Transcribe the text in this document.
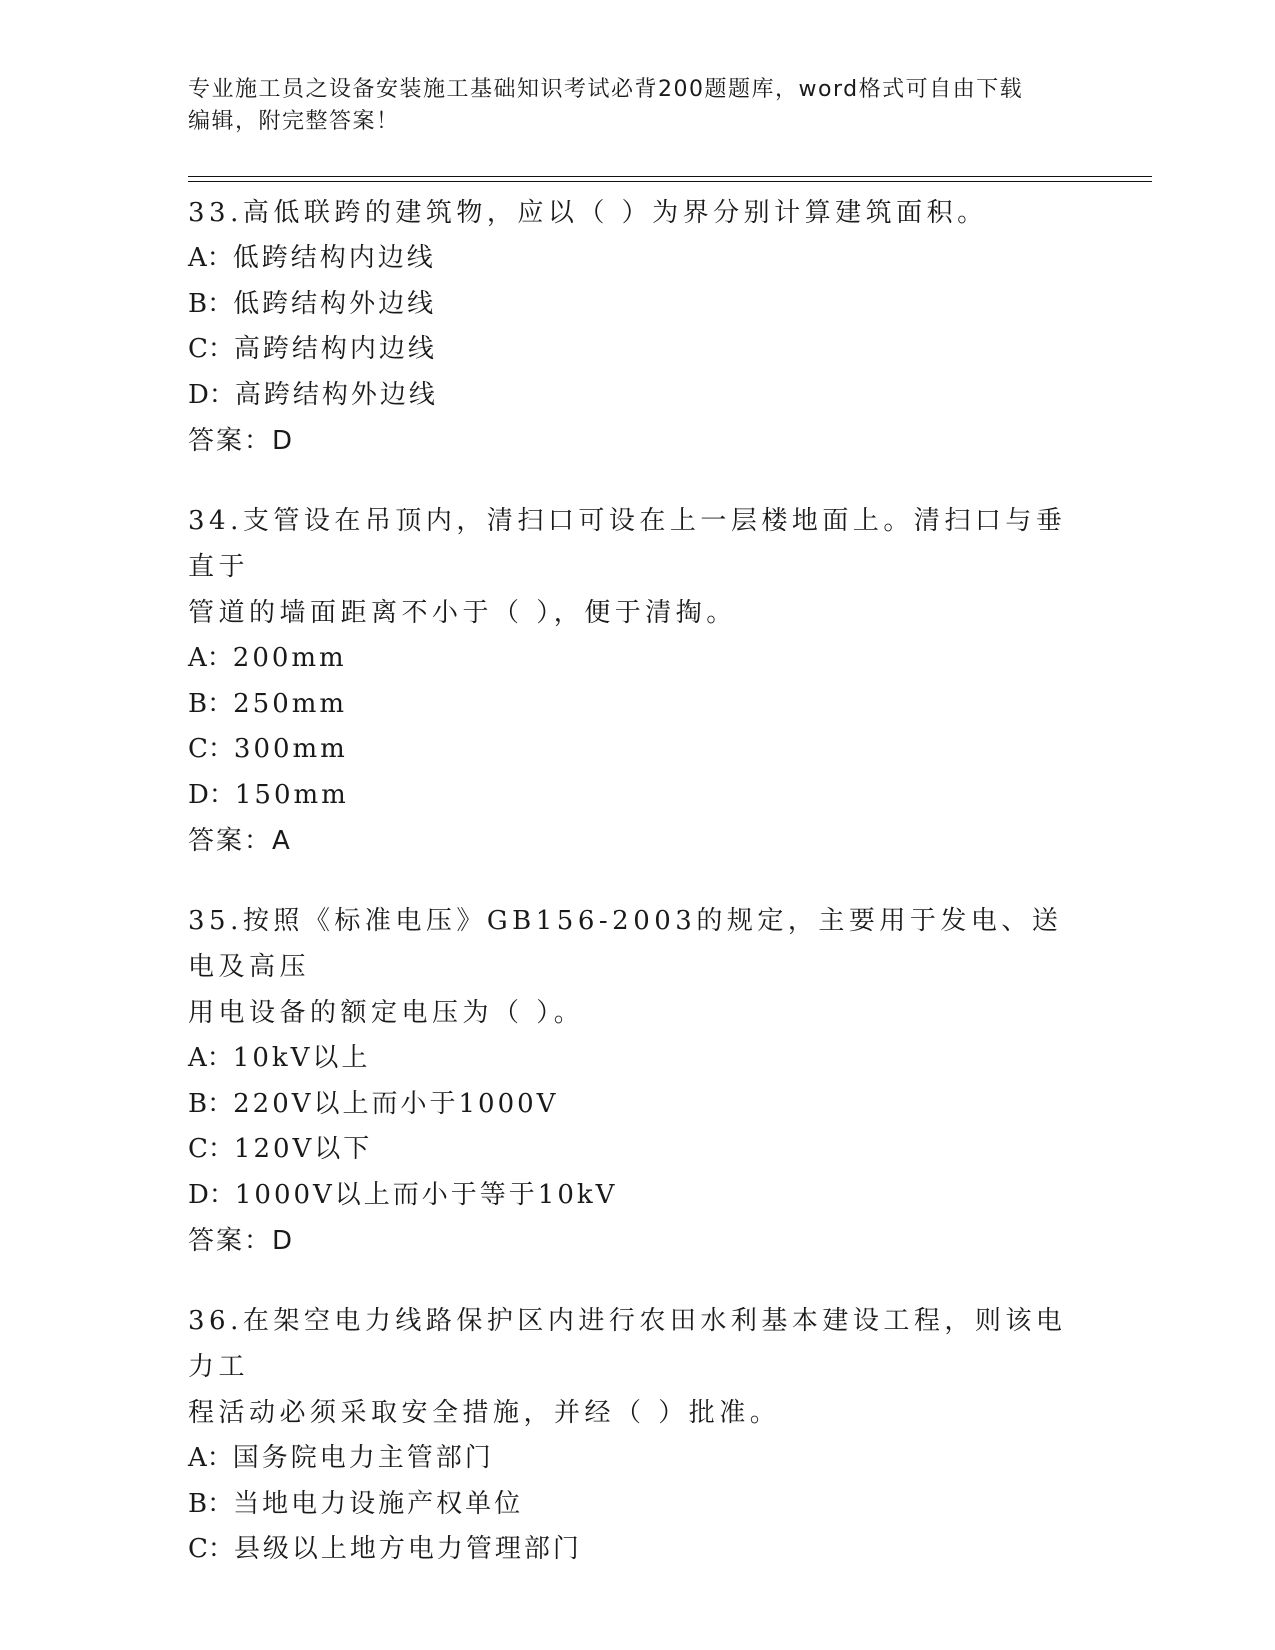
专业施工员之设备安装施工基础知识考试必背200题题库，word格式可自由下载
编辑，附完整答案！
33.高低联跨的建筑物，应以（ ）为界分别计算建筑面积。
A：低跨结构内边线
B：低跨结构外边线
C：高跨结构内边线
D：高跨结构外边线
答案：D
34.支管设在吊顶内，清扫口可设在上一层楼地面上。清扫口与垂直于
管道的墙面距离不小于（ ），便于清掏。
A：200mm
B：250mm
C：300mm
D：150mm
答案：A
35.按照《标准电压》GB156-2003的规定，主要用于发电、送电及高压
用电设备的额定电压为（ ）。
A：10kV以上
B：220V以上而小于1000V
C：120V以下
D：1000V以上而小于等于10kV
答案：D
36.在架空电力线路保护区内进行农田水利基本建设工程，则该电力工
程活动必须采取安全措施，并经（ ）批准。
A：国务院电力主管部门
B：当地电力设施产权单位
C：县级以上地方电力管理部门
